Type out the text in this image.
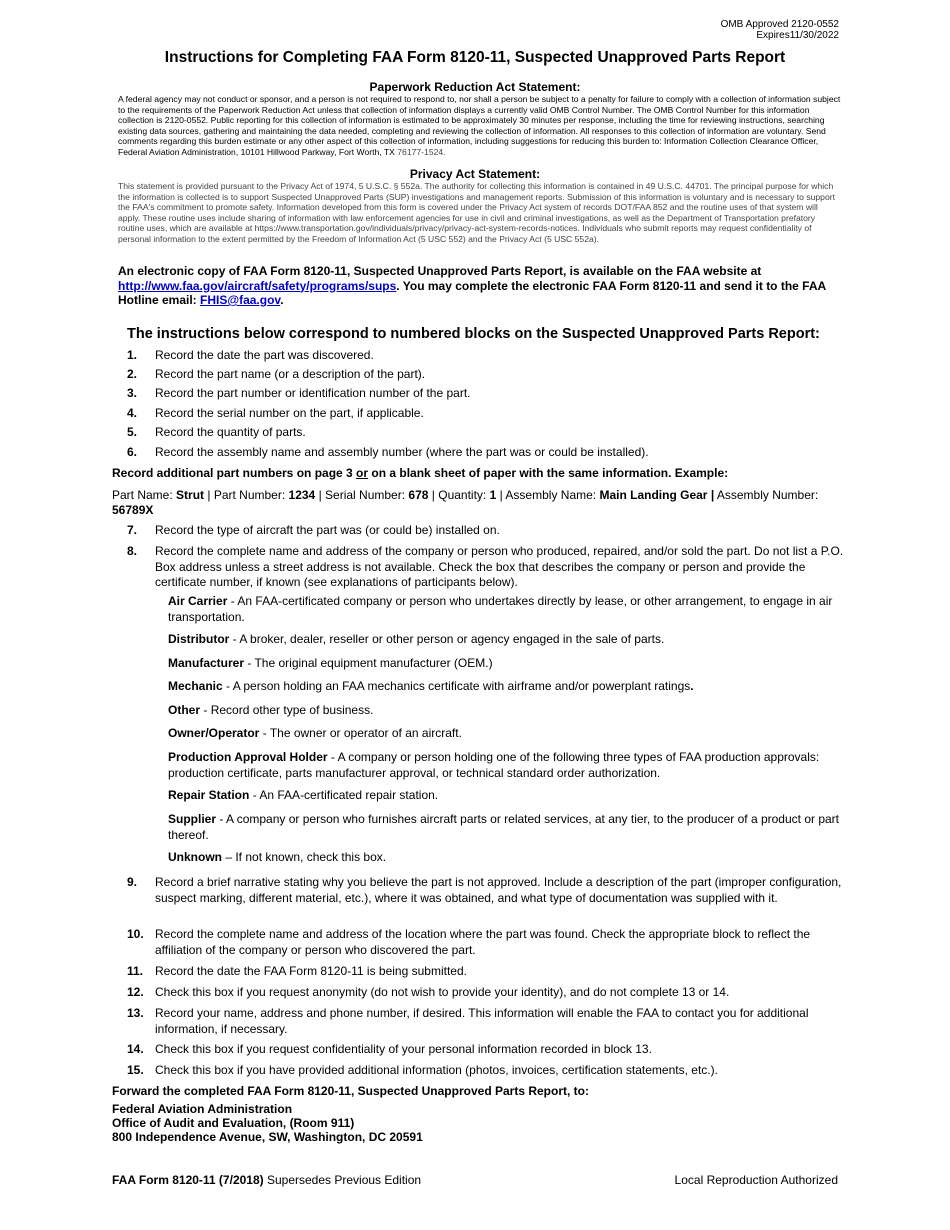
OMB Approved 2120-0552
Expires11/30/2022
Instructions for Completing FAA Form 8120-11, Suspected Unapproved Parts Report
Paperwork Reduction Act Statement:

A federal agency may not conduct or sponsor, and a person is not required to respond to, nor shall a person be subject to a penalty for failure to comply with a collection of information subject to the requirements of the Paperwork Reduction Act unless that collection of information displays a currently valid OMB Control Number. The OMB Control Number for this information collection is 2120-0552. Public reporting for this collection of information is estimated to be approximately 30 minutes per response, including the time for reviewing instructions, searching existing data sources, gathering and maintaining the data needed, completing and reviewing the collection of information. All responses to this collection of information are voluntary. Send comments regarding this burden estimate or any other aspect of this collection of information, including suggestions for reducing this burden to: Information Collection Clearance Officer, Federal Aviation Administration, 10101 Hillwood Parkway, Fort Worth, TX 76177-1524.

Privacy Act Statement:

This statement is provided pursuant to the Privacy Act of 1974, 5 U.S.C. § 552a. The authority for collecting this information is contained in 49 U.S.C. 44701. The principal purpose for which the information is collected is to support Suspected Unapproved Parts (SUP) investigations and management reports. Submission of this information is voluntary and is necessary to support the FAA's commitment to promote safety. Information developed from this form is covered under the Privacy Act system of records DOT/FAA 852 and the routine uses of that system will apply. These routine uses include sharing of information with law enforcement agencies for use in civil and criminal investigations, as well as the Department of Transportation prefatory routine uses, which are available at https://www.transportation.gov/individuals/privacy/privacy-act-system-records-notices. Individuals who submit reports may request confidentiality of personal information to the extent permitted by the Freedom of Information Act (5 USC 552) and the Privacy Act (5 USC 552a).

An electronic copy of FAA Form 8120-11, Suspected Unapproved Parts Report, is available on the FAA website at http://www.faa.gov/aircraft/safety/programs/sups. You may complete the electronic FAA Form 8120-11 and send it to the FAA Hotline email: FHIS@faa.gov.

The instructions below correspond to numbered blocks on the Suspected Unapproved Parts Report:
1. Record the date the part was discovered.
2. Record the part name (or a description of the part).
3. Record the part number or identification number of the part.
4. Record the serial number on the part, if applicable.
5. Record the quantity of parts.
6. Record the assembly name and assembly number (where the part was or could be installed).

Record additional part numbers on page 3 or on a blank sheet of paper with the same information. Example:

Part Name: Strut | Part Number: 1234 | Serial Number: 678 | Quantity: 1 | Assembly Name: Main Landing Gear | Assembly Number: 56789X

7. Record the type of aircraft the part was (or could be) installed on.
8. Record the complete name and address of the company or person who produced, repaired, and/or sold the part. Do not list a P.O. Box address unless a street address is not available. Check the box that describes the company or person and provide the certificate number, if known (see explanations of participants below).

Air Carrier - An FAA-certificated company or person who undertakes directly by lease, or other arrangement, to engage in air transportation.

Distributor - A broker, dealer, reseller or other person or agency engaged in the sale of parts.

Manufacturer - The original equipment manufacturer (OEM.)

Mechanic - A person holding an FAA mechanics certificate with airframe and/or powerplant ratings.

Other - Record other type of business.

Owner/Operator - The owner or operator of an aircraft.

Production Approval Holder - A company or person holding one of the following three types of FAA production approvals: production certificate, parts manufacturer approval, or technical standard order authorization.

Repair Station - An FAA-certificated repair station.

Supplier - A company or person who furnishes aircraft parts or related services, at any tier, to the producer of a product or part thereof.

Unknown – If not known, check this box.

9. Record a brief narrative stating why you believe the part is not approved. Include a description of the part (improper configuration, suspect marking, different material, etc.), where it was obtained, and what type of documentation was supplied with it.
10. Record the complete name and address of the location where the part was found. Check the appropriate block to reflect the affiliation of the company or person who discovered the part.
11. Record the date the FAA Form 8120-11 is being submitted.
12. Check this box if you request anonymity (do not wish to provide your identity), and do not complete 13 or 14.
13. Record your name, address and phone number, if desired. This information will enable the FAA to contact you for additional information, if necessary.
14. Check this box if you request confidentiality of your personal information recorded in block 13.
15. Check this box if you have provided additional information (photos, invoices, certification statements, etc.).

Forward the completed FAA Form 8120-11, Suspected Unapproved Parts Report, to:

Federal Aviation Administration
Office of Audit and Evaluation, (Room 911)
800 Independence Avenue, SW, Washington, DC 20591
FAA Form 8120-11 (7/2018) Supersedes Previous Edition	Local Reproduction Authorized
